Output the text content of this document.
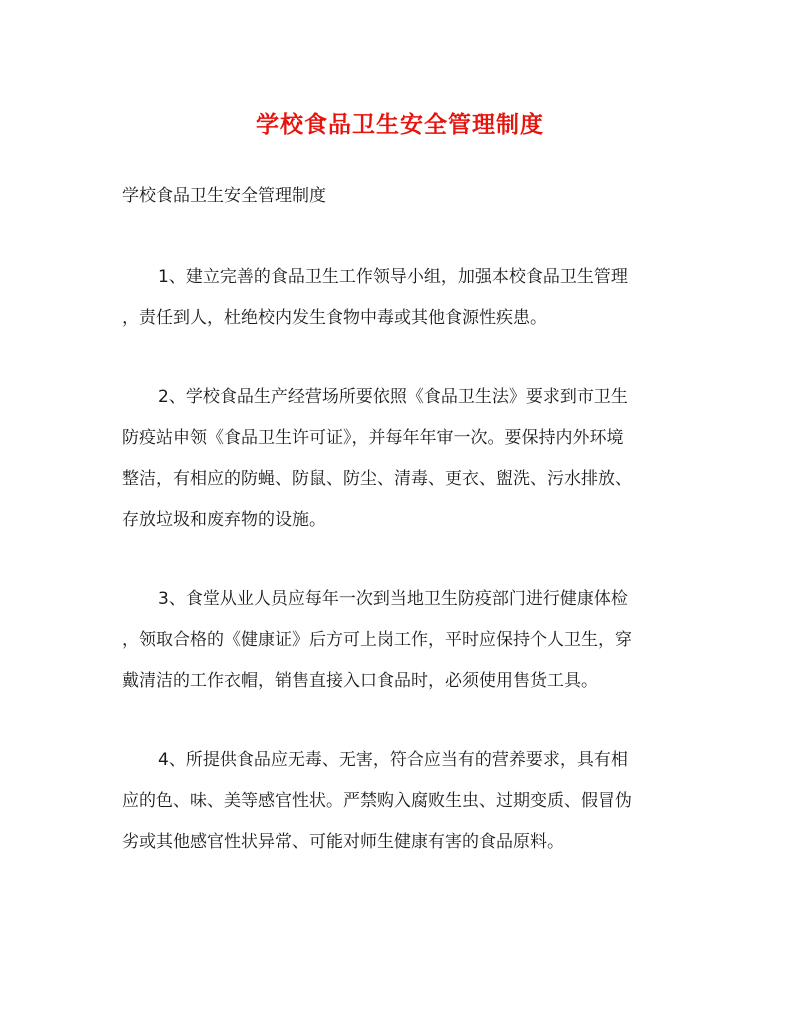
学校食品卫生安全管理制度
学校食品卫生安全管理制度
1、建立完善的食品卫生工作领导小组，加强本校食品卫生管理
，责任到人，杜绝校内发生食物中毒或其他食源性疾患。
2、学校食品生产经营场所要依照《食品卫生法》要求到市卫生
防疫站申领《食品卫生许可证》，并每年年审一次。要保持内外环境
整洁，有相应的防蝇、防鼠、防尘、清毒、更衣、盥洗、污水排放、
存放垃圾和废弃物的设施。
3、食堂从业人员应每年一次到当地卫生防疫部门进行健康体检
，领取合格的《健康证》后方可上岗工作，平时应保持个人卫生，穿
戴清洁的工作衣帽，销售直接入口食品时，必须使用售货工具。
4、所提供食品应无毒、无害，符合应当有的营养要求，具有相
应的色、味、美等感官性状。严禁购入腐败生虫、过期变质、假冒伪
劣或其他感官性状异常、可能对师生健康有害的食品原料。
